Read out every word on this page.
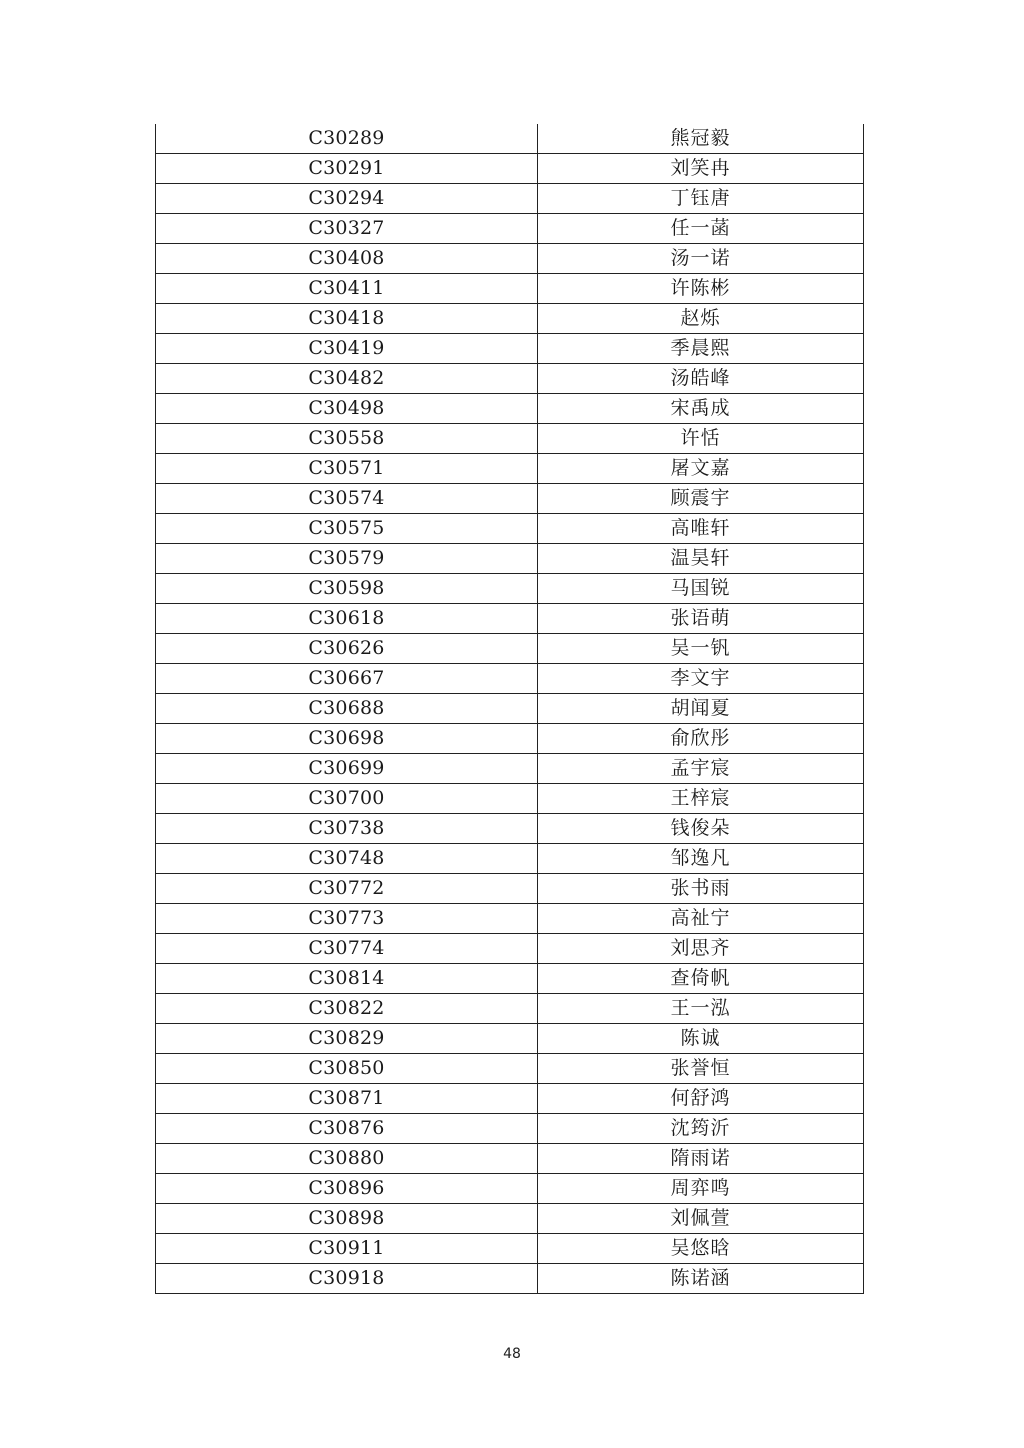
C30289	熊冠毅
C30291	刘笑冉
C30294	丁钰唐
C30327	任一菡
C30408	汤一诺
C30411	许陈彬
C30418	赵烁
C30419	季晨熙
C30482	汤皓峰
C30498	宋禹成
C30558	许恬
C30571	屠文嘉
C30574	顾震宇
C30575	高唯轩
C30579	温昊轩
C30598	马国锐
C30618	张语萌
C30626	吴一钒
C30667	李文宇
C30688	胡闻夏
C30698	俞欣彤
C30699	孟宇宸
C30700	王梓宸
C30738	钱俊朵
C30748	邹逸凡
C30772	张书雨
C30773	高祉宁
C30774	刘思齐
C30814	查倚帆
C30822	王一泓
C30829	陈诚
C30850	张誉恒
C30871	何舒鸿
C30876	沈筠沂
C30880	隋雨诺
C30896	周弈鸣
C30898	刘佩萱
C30911	吴悠晗
C30918	陈诺涵
48
